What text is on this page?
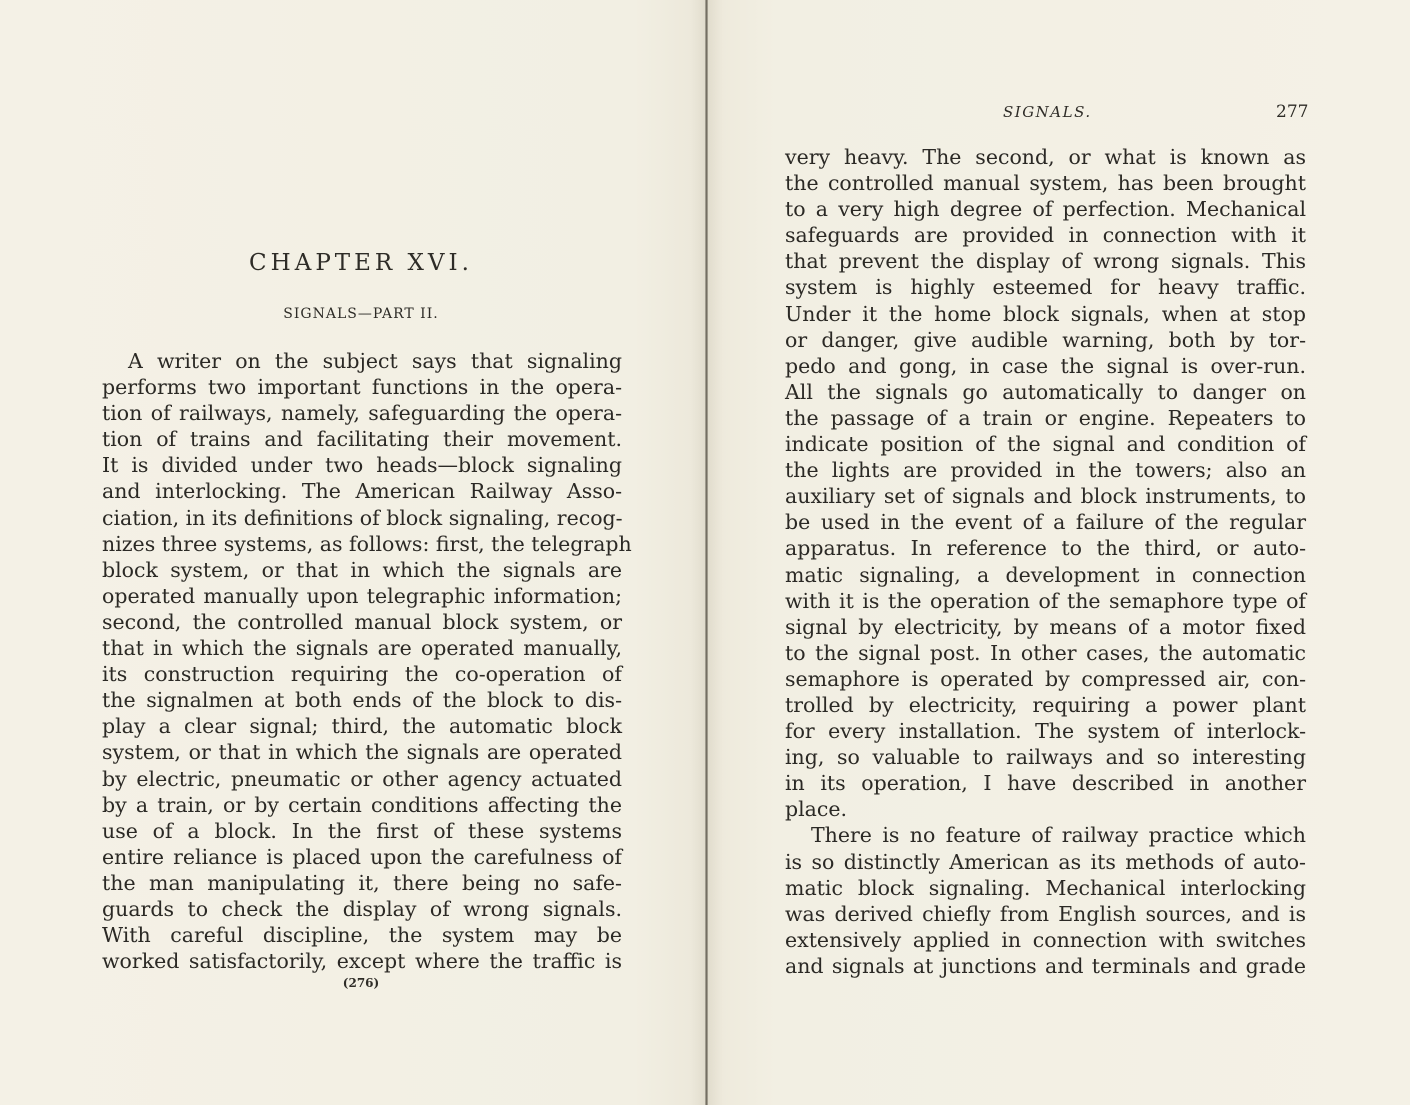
CHAPTER XVI.
SIGNALS—PART II.
A writer on the subject says that signaling
performs two important functions in the opera-
tion of railways, namely, safeguarding the opera-
tion of trains and facilitating their movement.
It is divided under two heads—block signaling
and interlocking. The American Railway Asso-
ciation, in its definitions of block signaling, recog-
nizes three systems, as follows: first, the telegraph
block system, or that in which the signals are
operated manually upon telegraphic information;
second, the controlled manual block system, or
that in which the signals are operated manually,
its construction requiring the co-operation of
the signalmen at both ends of the block to dis-
play a clear signal; third, the automatic block
system, or that in which the signals are operated
by electric, pneumatic or other agency actuated
by a train, or by certain conditions affecting the
use of a block. In the first of these systems
entire reliance is placed upon the carefulness of
the man manipulating it, there being no safe-
guards to check the display of wrong signals.
With careful discipline, the system may be
worked satisfactorily, except where the traffic is
(276)
SIGNALS.	277
very heavy. The second, or what is known as
the controlled manual system, has been brought
to a very high degree of perfection. Mechanical
safeguards are provided in connection with it
that prevent the display of wrong signals. This
system is highly esteemed for heavy traffic.
Under it the home block signals, when at stop
or danger, give audible warning, both by tor-
pedo and gong, in case the signal is over-run.
All the signals go automatically to danger on
the passage of a train or engine. Repeaters to
indicate position of the signal and condition of
the lights are provided in the towers; also an
auxiliary set of signals and block instruments, to
be used in the event of a failure of the regular
apparatus. In reference to the third, or auto-
matic signaling, a development in connection
with it is the operation of the semaphore type of
signal by electricity, by means of a motor fixed
to the signal post. In other cases, the automatic
semaphore is operated by compressed air, con-
trolled by electricity, requiring a power plant
for every installation. The system of interlock-
ing, so valuable to railways and so interesting
in its operation, I have described in another
place.
There is no feature of railway practice which
is so distinctly American as its methods of auto-
matic block signaling. Mechanical interlocking
was derived chiefly from English sources, and is
extensively applied in connection with switches
and signals at junctions and terminals and grade
